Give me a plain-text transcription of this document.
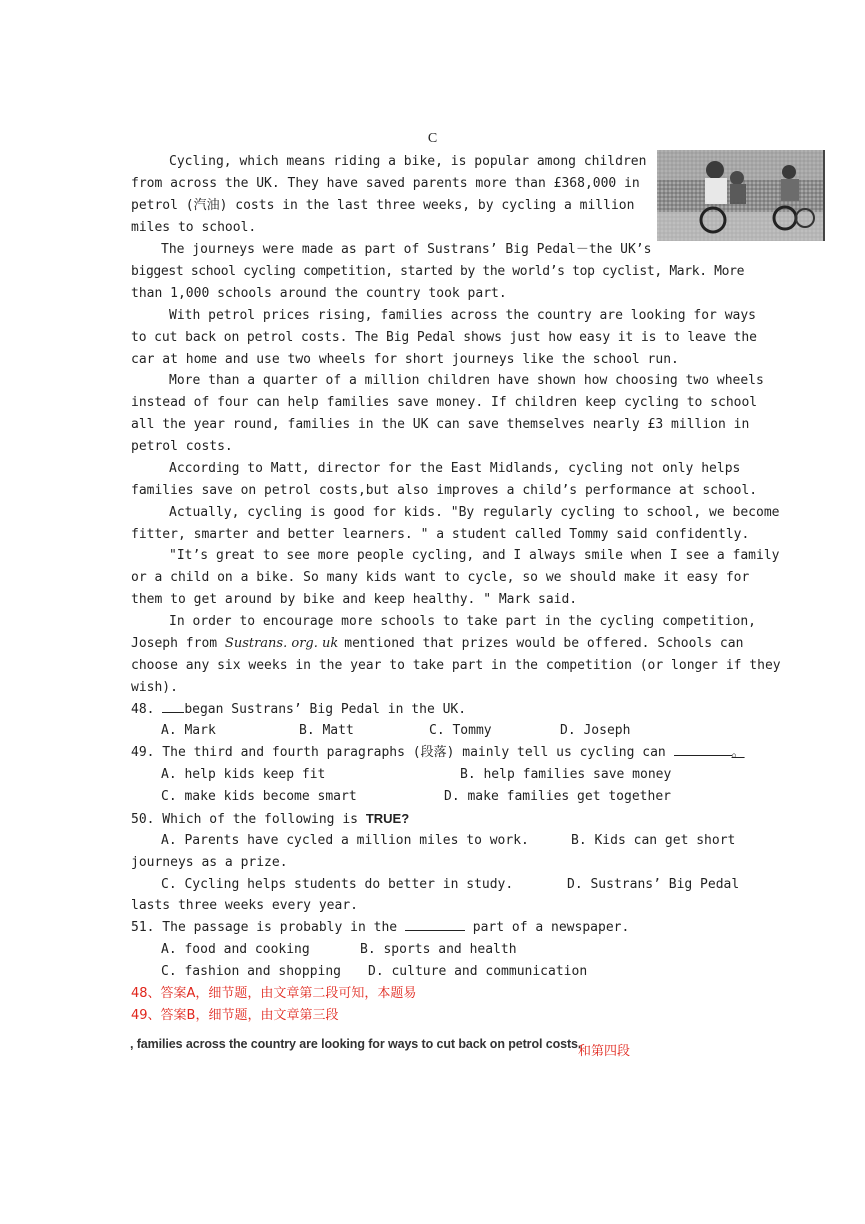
C
Cycling, which means riding a bike, is popular among children
from across the UK. They have saved parents more than £368,000 in
petrol (汽油) costs in the last three weeks, by cycling a million
miles to school.
The journeys were made as part of Sustrans’ Big Pedal－the UK’s
biggest school cycling competition, started by the world’s top cyclist, Mark. More
than 1,000 schools around the country took part.
With petrol prices rising, families across the country are looking for ways
to cut back on petrol costs. The Big Pedal shows just how easy it is to leave the
car at home and use two wheels for short journeys like the school run.
More than a quarter of a million children have shown how choosing two wheels
instead of four can help families save money. If children keep cycling to school
all the year round, families in the UK can save themselves nearly £3 million in
petrol costs.
According to Matt, director for the East Midlands, cycling not only helps
families save on petrol costs,but also improves a child’s performance at school.
Actually, cycling is good for kids. "By regularly cycling to school, we become
fitter, smarter and better learners. " a student called Tommy said confidently.
"It’s great to see more people cycling, and I always smile when I see a family
or a child on a bike. So many kids want to cycle, so we should make it easy for
them to get around by bike and keep healthy. " Mark said.
In order to encourage more schools to take part in the cycling competition,
Joseph from Sustrans. org. uk mentioned that prizes would be offered. Schools can
choose any six weeks in the year to take part in the competition (or longer if they
wish).
48. began Sustrans’ Big Pedal in the UK.
A. Mark	B. Matt	C. Tommy	D. Joseph
49. The third and fourth paragraphs (段落) mainly tell us cycling can	。
A. help kids keep fit	B. help families save money
C. make kids become smart	D. make families get together
50. Which of the following is TRUE?
A. Parents have cycled a million miles to work.	B. Kids can get short
journeys as a prize.
C. Cycling helps students do better in study.	D. Sustrans’ Big Pedal
lasts three weeks every year.
51. The passage is probably in the	part of a newspaper.
A. food and cooking	B. sports and health
C. fashion and shopping D. culture and communication
48、答案A，细节题，由文章第二段可知，本题易
49、答案B，细节题，由文章第三段
, families across the country are looking for ways to cut back on petrol costs.
和第四段
